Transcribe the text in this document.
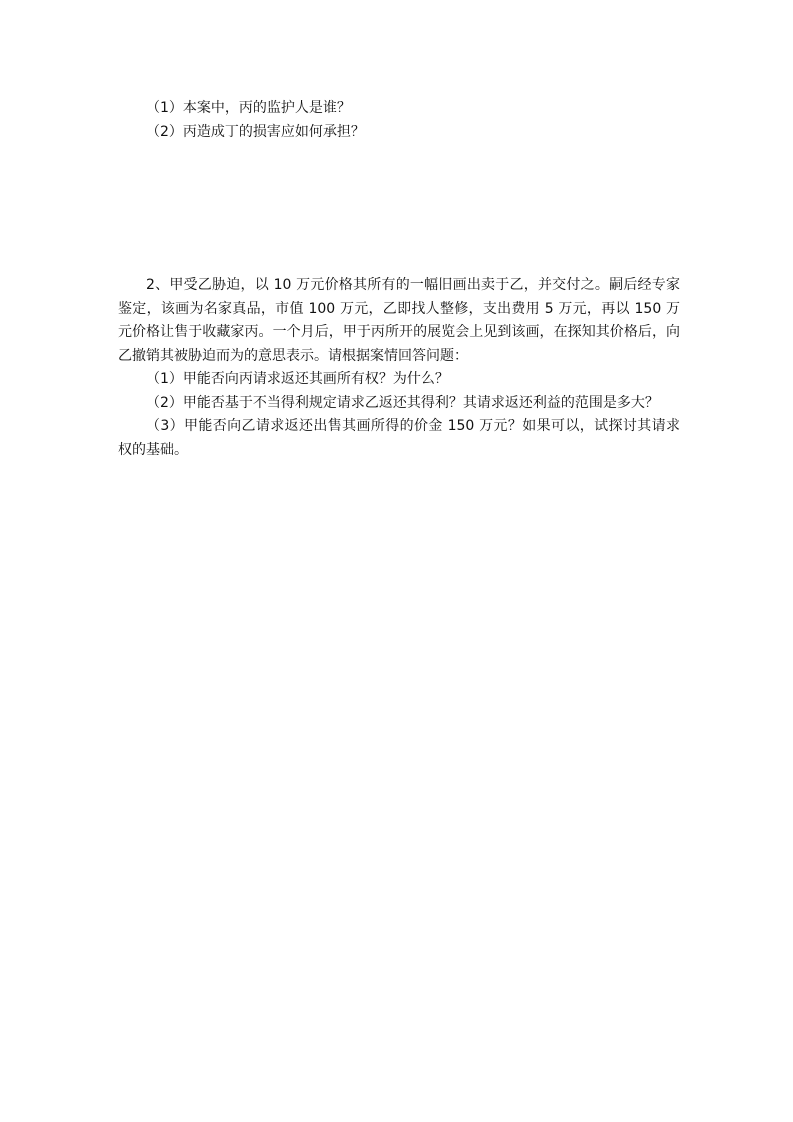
（1）本案中，丙的监护人是谁？
（2）丙造成丁的损害应如何承担？

2、甲受乙胁迫，以 10 万元价格其所有的一幅旧画出卖于乙，并交付之。嗣后经专家鉴定，该画为名家真品，市值 100 万元，乙即找人整修，支出费用 5 万元，再以 150 万元价格让售于收藏家丙。一个月后，甲于丙所开的展览会上见到该画，在探知其价格后，向乙撤销其被胁迫而为的意思表示。请根据案情回答问题：

（1）甲能否向丙请求返还其画所有权？为什么？

（2）甲能否基于不当得利规定请求乙返还其得利？其请求返还利益的范围是多大？

（3）甲能否向乙请求返还出售其画所得的价金 150 万元？如果可以，试探讨其请求权的基础。
